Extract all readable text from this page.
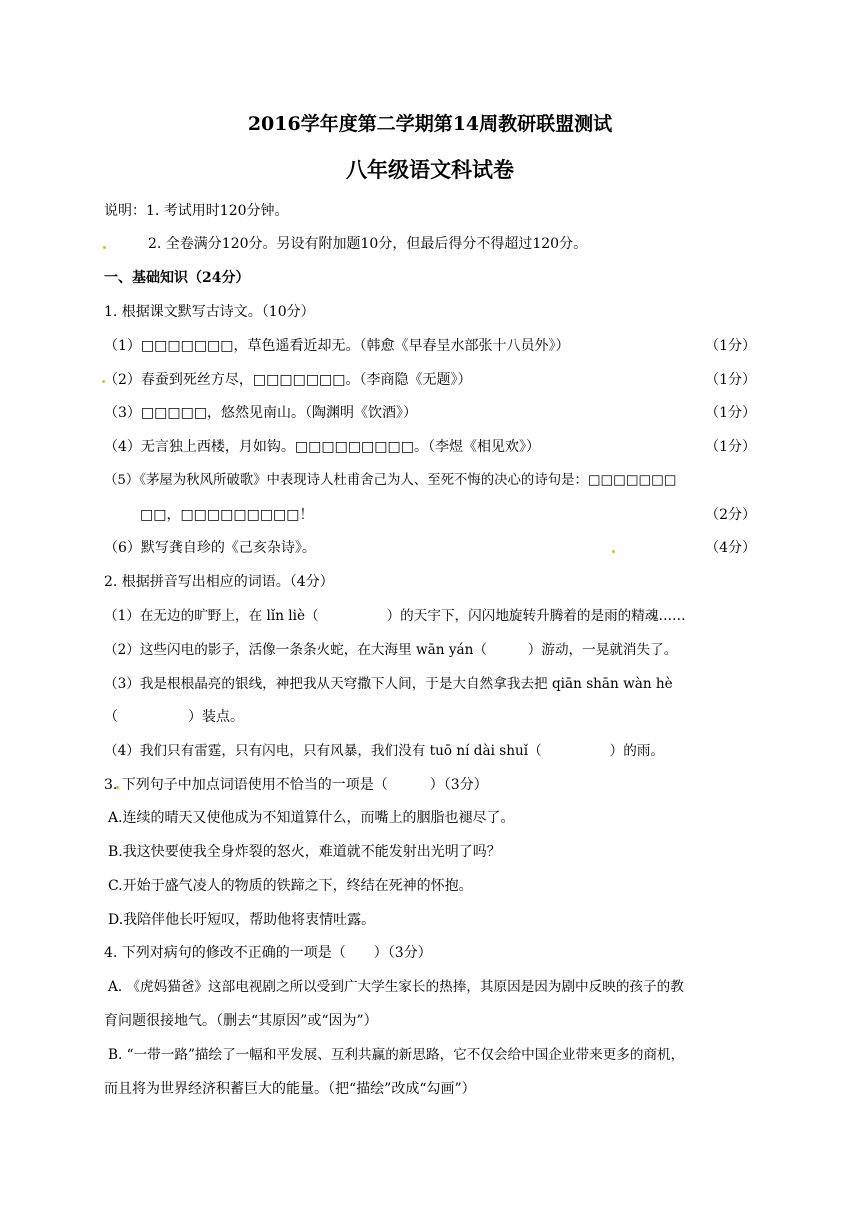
2016学年度第二学期第14周教研联盟测试
八年级语文科试卷
说明：1. 考试用时120分钟。
2. 全卷满分120分。另设有附加题10分，但最后得分不得超过120分。
一、基础知识（24分）
1. 根据课文默写古诗文。（10分）
（1）□□□□□□□，草色遥看近却无。（韩愈《早春呈水部张十八员外》）	（1分）
（2）春蚕到死丝方尽，□□□□□□□。（李商隐《无题》）	（1分）
（3）□□□□□，悠然见南山。（陶渊明《饮酒》）	（1分）
（4）无言独上西楼，月如钩。□□□□□□□□□。（李煜《相见欢》）	（1分）
（5）《茅屋为秋风所破歌》中表现诗人杜甫舍己为人、至死不悔的决心的诗句是：□□□□□□□
□□，□□□□□□□□□！	（2分）
（6）默写龚自珍的《己亥杂诗》。	（4分）
2. 根据拼音写出相应的词语。（4分）
（1）在无边的旷野上，在 lǐn liè（　　　　　）的天宇下，闪闪地旋转升腾着的是雨的精魂……
（2）这些闪电的影子，活像一条条火蛇，在大海里 wān yán（　　　）游动，一晃就消失了。
（3）我是根根晶亮的银线，神把我从天穹撒下人间，于是大自然拿我去把 qiān shān wàn hè
（　　　　　）装点。
（4）我们只有雷霆，只有闪电，只有风暴，我们没有 tuō ní dài shuǐ（　　　　　）的雨。
3. 下列句子中加点词语使用不恰当的一项是（　　　）（3分）
A.连续的晴天又使他成为不知道算什么，而嘴上的胭脂也褪尽了。
B.我这快要使我全身炸裂的怒火，难道就不能发射出光明了吗？
C.开始于盛气凌人的物质的铁蹄之下，终结在死神的怀抱。
D.我陪伴他长吁短叹，帮助他将衷情吐露。
4. 下列对病句的修改不正确的一项是（　　）（3分）
A. 《虎妈猫爸》这部电视剧之所以受到广大学生家长的热捧，其原因是因为剧中反映的孩子的教
育问题很接地气。（删去“其原因”或“因为”）
B. “一带一路”描绘了一幅和平发展、互利共赢的新思路，它不仅会给中国企业带来更多的商机，
而且将为世界经济积蓄巨大的能量。（把“描绘”改成“勾画”）
